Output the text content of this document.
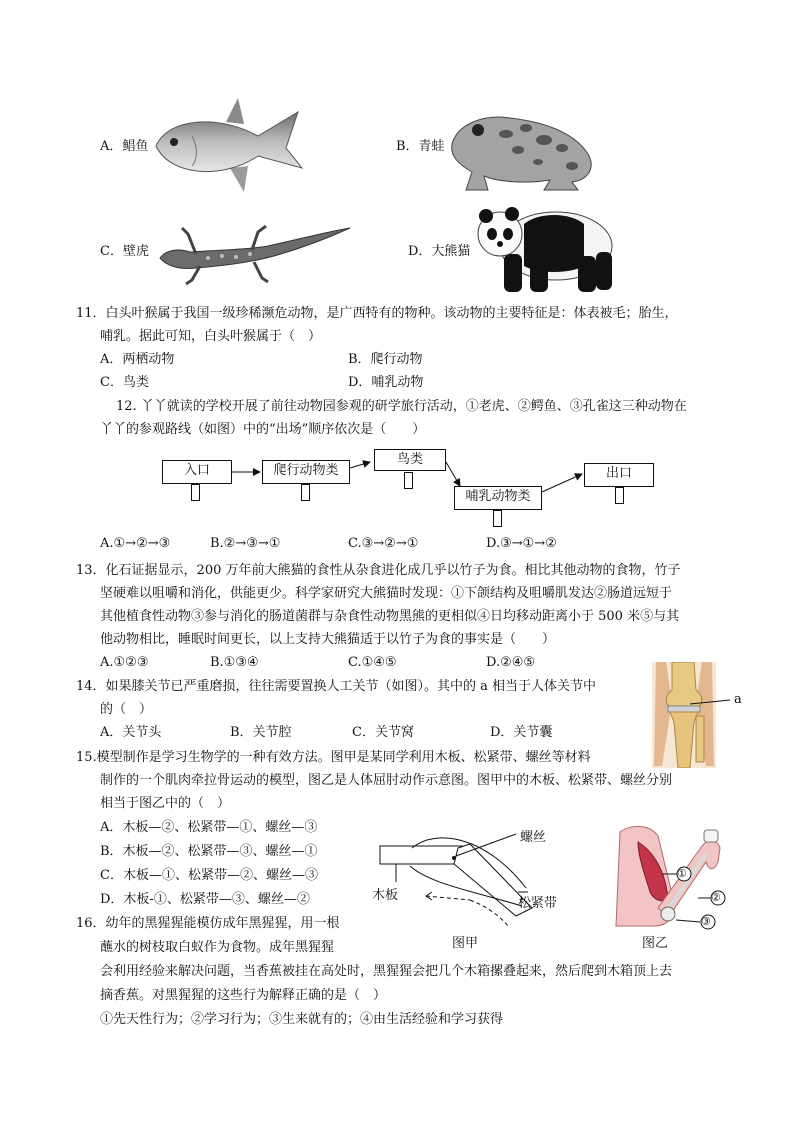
A．鲳鱼	B．青蛙
C．壁虎	D．大熊猫
11．白头叶猴属于我国一级珍稀濒危动物，是广西特有的物种。该动物的主要特征是：体表被毛；胎生，
哺乳。据此可知，白头叶猴属于（　）
A．两栖动物	B．爬行动物
C．鸟类	D．哺乳动物
12. 丫丫就读的学校开展了前往动物园参观的研学旅行活动，①老虎、②鳄鱼、③孔雀这三种动物在
丫丫的参观路线（如图）中的“出场”顺序依次是（　　）
入口	爬行动物类
鸟类
哺乳动物类
出口
A.①→②→③	B.②→③→①	C.③→②→①	D.③→①→②
13．化石证据显示，200 万年前大熊猫的食性从杂食进化成几乎以竹子为食。相比其他动物的食物，竹子
坚硬难以咀嚼和消化，供能更少。科学家研究大熊猫时发现：①下颌结构及咀嚼肌发达②肠道远短于
其他植食性动物③参与消化的肠道菌群与杂食性动物黑熊的更相似④日均移动距离小于 500 米⑤与其
他动物相比，睡眠时间更长，以上支持大熊猫适于以竹子为食的事实是（　　）
A.①②③	B.①③④	C.①④⑤	D.②④⑤
14．如果膝关节已严重磨损，往往需要置换人工关节（如图）。其中的 a 相当于人体关节中
的（　）
A．关节头	B．关节腔	C．关节窝	D．关节囊
a
15.模型制作是学习生物学的一种有效方法。图甲是某同学利用木板、松紧带、螺丝等材料
制作的一个肌肉牵拉骨运动的模型，图乙是人体屈肘动作示意图。图甲中的木板、松紧带、螺丝分别
相当于图乙中的（　）
A．木板—②、松紧带—①、螺丝—③
B．木板—②、松紧带—③、螺丝—①
C．木板—①、松紧带—②、螺丝—③
D．木板-①、松紧带—③、螺丝—②
螺丝
木板
松紧带
图甲
①
②
③
图乙
16．幼年的黑猩猩能模仿成年黑猩猩，用一根
蘸水的树枝取白蚁作为食物。成年黑猩猩
会利用经验来解决问题，当香蕉被挂在高处时，黑猩猩会把几个木箱摞叠起来，然后爬到木箱顶上去
摘香蕉。对黑猩猩的这些行为解释正确的是（　）
①先天性行为；②学习行为；③生来就有的；④由生活经验和学习获得
